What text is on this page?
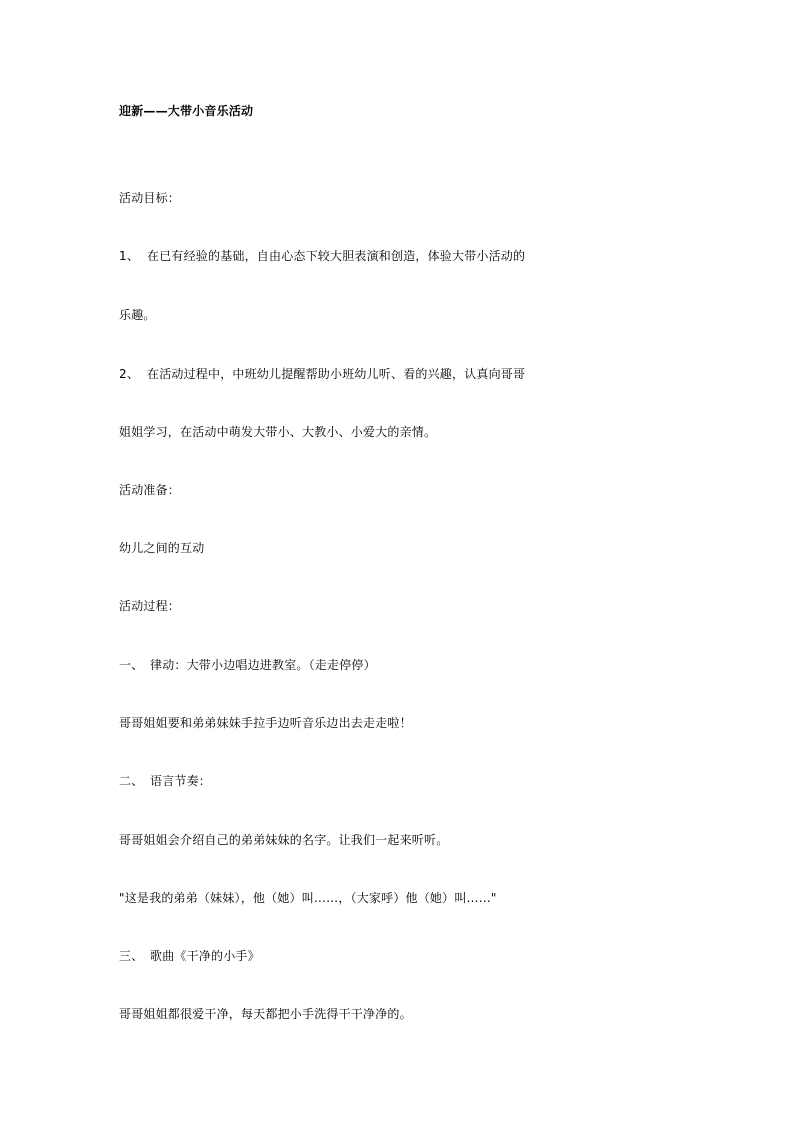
迎新——大带小音乐活动
活动目标：
1、 在已有经验的基础，自由心态下较大胆表演和创造，体验大带小活动的
乐趣。
2、 在活动过程中，中班幼儿提醒帮助小班幼儿听、看的兴趣，认真向哥哥
姐姐学习，在活动中萌发大带小、大教小、小爱大的亲情。
活动准备：
幼儿之间的互动
活动过程：
一、 律动：大带小边唱边进教室。（走走停停）
哥哥姐姐要和弟弟妹妹手拉手边听音乐边出去走走啦！
二、 语言节奏：
哥哥姐姐会介绍自己的弟弟妹妹的名字。让我们一起来听听。
"这是我的弟弟（妹妹），他（她）叫……，（大家呼）他（她）叫……"
三、 歌曲《干净的小手》
哥哥姐姐都很爱干净，每天都把小手洗得干干净净的。
